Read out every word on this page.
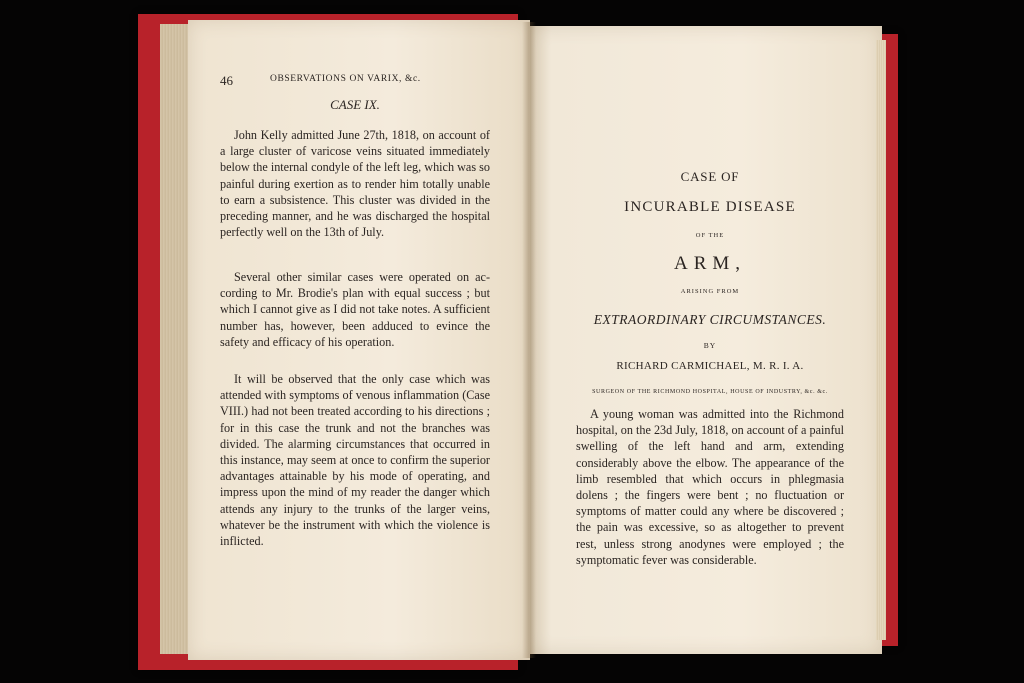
46	OBSERVATIONS ON VARIX, &c.
CASE IX.

John Kelly admitted June 27th, 1818, on account of a large cluster of varicose veins situated immediately below the internal condyle of the left leg, which was so painful during exertion as to render him totally unable to earn a subsistence. This cluster was divided in the preceding manner, and he was discharged the hospital perfectly well on the 13th of July.

Several other similar cases were operated on according to Mr. Brodie's plan with equal success ; but which I cannot give as I did not take notes. A sufficient number has, however, been adduced to evince the safety and efficacy of his operation.

It will be observed that the only case which was attended with symptoms of venous inflammation (Case VIII.) had not been treated according to his directions ; for in this case the trunk and not the branches was divided. The alarming circumstances that occurred in this instance, may seem at once to confirm the superior advantages attainable by his mode of operating, and impress upon the mind of my reader the danger which attends any injury to the trunks of the larger veins, whatever be the instrument with which the violence is inflicted.

CASE OF
INCURABLE DISEASE
OF THE
ARM,
ARISING FROM
EXTRAORDINARY CIRCUMSTANCES.
BY
RICHARD CARMICHAEL, M. R. I. A.
SURGEON OF THE RICHMOND HOSPITAL, HOUSE OF INDUSTRY, &c. &c.

A young woman was admitted into the Richmond hospital, on the 23d July, 1818, on account of a painful swelling of the left hand and arm, extending considerably above the elbow. The appearance of the limb resembled that which occurs in phlegmasia dolens ; the fingers were bent ; no fluctuation or symptoms of matter could any where be discovered ; the pain was excessive, so as altogether to prevent rest, unless strong anodynes were employed ; the symptomatic fever was considerable.
